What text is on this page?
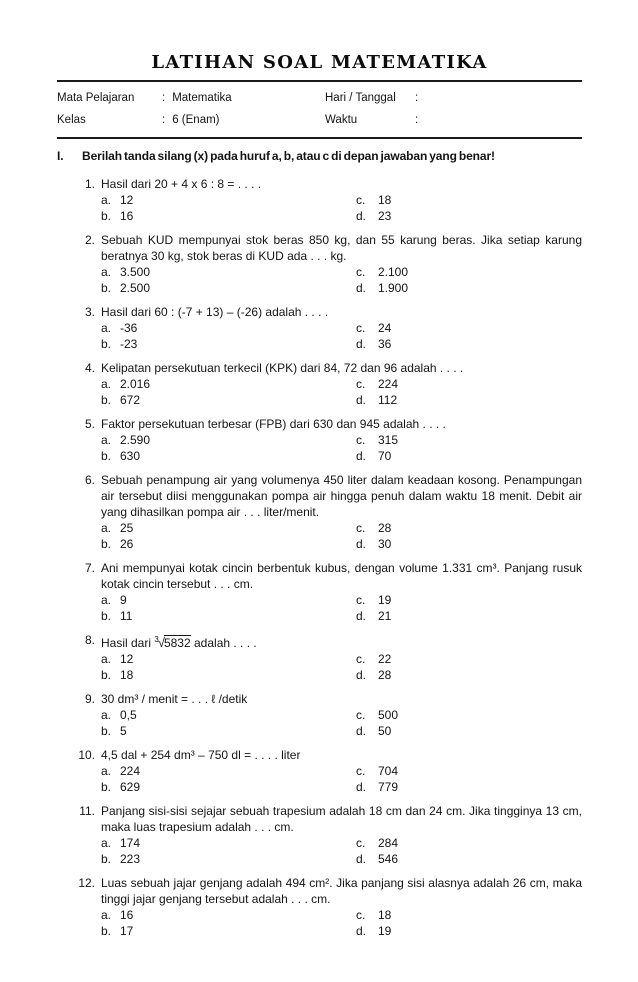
LATIHAN SOAL MATEMATIKA
Mata Pelajaran	: Matematika	Hari / Tanggal	:
Kelas	: 6 (Enam)	Waktu	:
I.	Berilah tanda silang (x) pada huruf a, b, atau c di depan jawaban yang benar!
1. Hasil dari 20 + 4 x 6 : 8 = . . . .
a. 12	c.	18
b. 16	d. 23
2. Sebuah KUD mempunyai stok beras 850 kg, dan 55 karung beras. Jika setiap karung beratnya 30 kg, stok beras di KUD ada . . . kg.
a. 3.500	c.	2.100
b. 2.500	d. 1.900
3. Hasil dari 60 : (-7 + 13) – (-26) adalah . . . .
a. -36	c.	24
b. -23	d. 36
4. Kelipatan persekutuan terkecil (KPK) dari 84, 72 dan 96 adalah . . . .
a. 2.016	c.	224
b. 672	d. 112
5. Faktor persekutuan terbesar (FPB) dari 630 dan 945 adalah . . . .
a. 2.590	c.	315
b. 630	d. 70
6. Sebuah penampung air yang volumenya 450 liter dalam keadaan kosong. Penampungan air tersebut diisi menggunakan pompa air hingga penuh dalam waktu 18 menit. Debit air yang dihasilkan pompa air . . . liter/menit.
a. 25	c.	28
b. 26	d. 30
7. Ani mempunyai kotak cincin berbentuk kubus, dengan volume 1.331 cm³. Panjang rusuk kotak cincin tersebut . . . cm.
a. 9	c.	19
b. 11	d. 21
8. Hasil dari $^3$√5832 adalah . . . .
a. 12	c.	22
b. 18	d. 28
9. 30 dm³ / menit = . . . ℓ /detik
a. 0,5	c.	500
b. 5	d. 50
10. 4,5 dal + 254 dm³ – 750 dl = . . . . liter
a. 224	c.	704
b. 629	d. 779
11. Panjang sisi-sisi sejajar sebuah trapesium adalah 18 cm dan 24 cm. Jika tingginya 13 cm, maka luas trapesium adalah . . . cm.
a. 174	c.	284
b. 223	d. 546
12. Luas sebuah jajar genjang adalah 494 cm². Jika panjang sisi alasnya adalah 26 cm, maka tinggi jajar genjang tersebut adalah . . . cm.
a. 16	c.	18
b. 17	d. 19
